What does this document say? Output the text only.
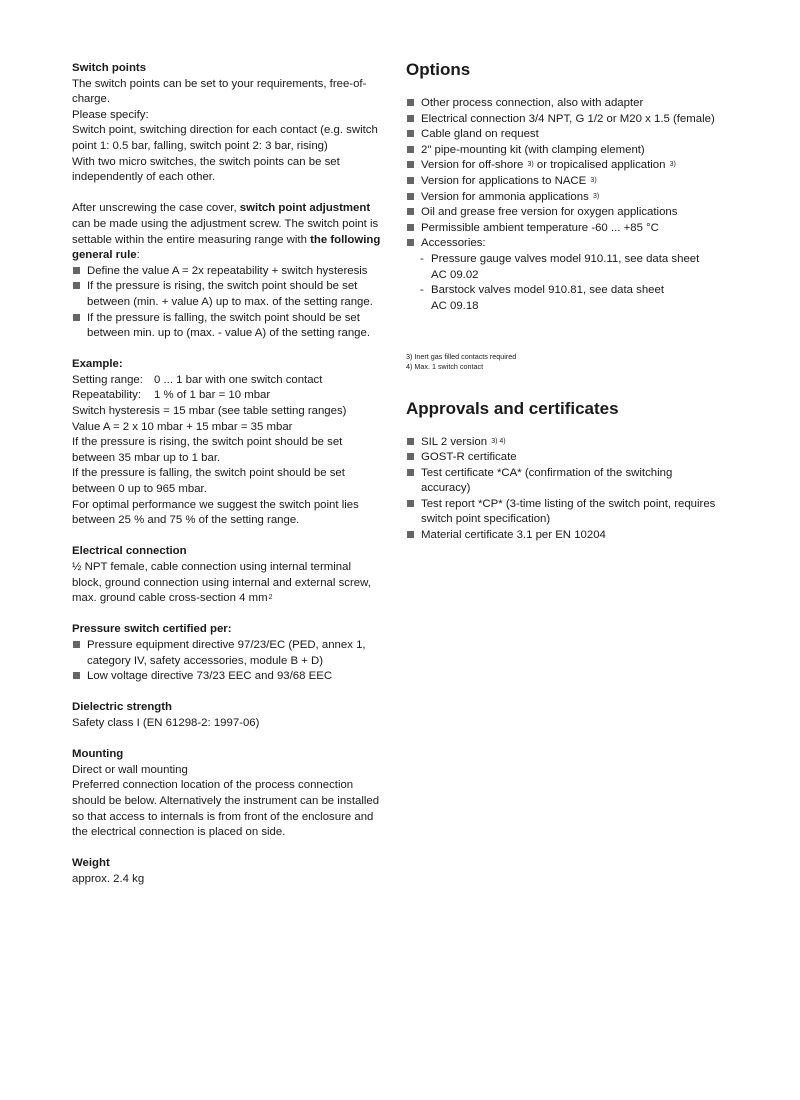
Switch points

The switch points can be set to your requirements, free-of-

charge.

Please specify:

Switch point, switching direction for each contact (e.g. switch

point 1: 0.5 bar, falling, switch point 2: 3 bar, rising)

With two micro switches, the switch points can be set

independently of each other.

After unscrewing the case cover, switch point adjustment

can be made using the adjustment screw. The switch point is

settable within the entire measuring range with the following

general rule:

Define the value A = 2x repeatability + switch hysteresis
If the pressure is rising, the switch point should be set
between (min. + value A) up to max. of the setting range.
If the pressure is falling, the switch point should be set
between min. up to (max. - value A) of the setting range.

Example:

Setting range: 0 ... 1 bar with one switch contact

Repeatability: 1 % of 1 bar = 10 mbar

Switch hysteresis = 15 mbar (see table setting ranges)

Value A = 2 x 10 mbar + 15 mbar = 35 mbar

If the pressure is rising, the switch point should be set

between 35 mbar up to 1 bar.

If the pressure is falling, the switch point should be set

between 0 up to 965 mbar.

For optimal performance we suggest the switch point lies

between 25 % and 75 % of the setting range.

Electrical connection

½ NPT female, cable connection using internal terminal

block, ground connection using internal and external screw,

max. ground cable cross-section 4 $mm^2$

Pressure switch certified per:

Pressure equipment directive 97/23/EC (PED, annex 1,
category IV, safety accessories, module B + D)
Low voltage directive 73/23 EEC and 93/68 EEC

Dielectric strength

Safety class I (EN 61298-2: 1997-06)

Mounting

Direct or wall mounting

Preferred connection location of the process connection

should be below. Alternatively the instrument can be installed

so that access to internals is from front of the enclosure and

the electrical connection is placed on side.

Weight

approx. 2.4 kg

Options
Other process connection, also with adapter
Electrical connection 3/4 NPT, G 1/2 or M20 x 1.5 (female)
Cable gland on request
2" pipe-mounting kit (with clamping element)
Version for off-shore $^{3)}$ or tropicalised application $^{3)}$
Version for applications to NACE $^{3)}$
Version for ammonia applications $^{3)}$
Oil and grease free version for oxygen applications
Permissible ambient temperature -60 ... +85 °C
Accessories:
- Pressure gauge valves model 910.11, see data sheet
AC 09.02
- Barstock valves model 910.81, see data sheet
AC 09.18

3) Inert gas filled contacts required

4) Max. 1 switch contact

Approvals and certificates
SIL 2 version $^{3) 4)}$
GOST-R certificate
Test certificate *CA* (confirmation of the switching
accuracy)
Test report *CP* (3-time listing of the switch point, requires
switch point specification)
Material certificate 3.1 per EN 10204
